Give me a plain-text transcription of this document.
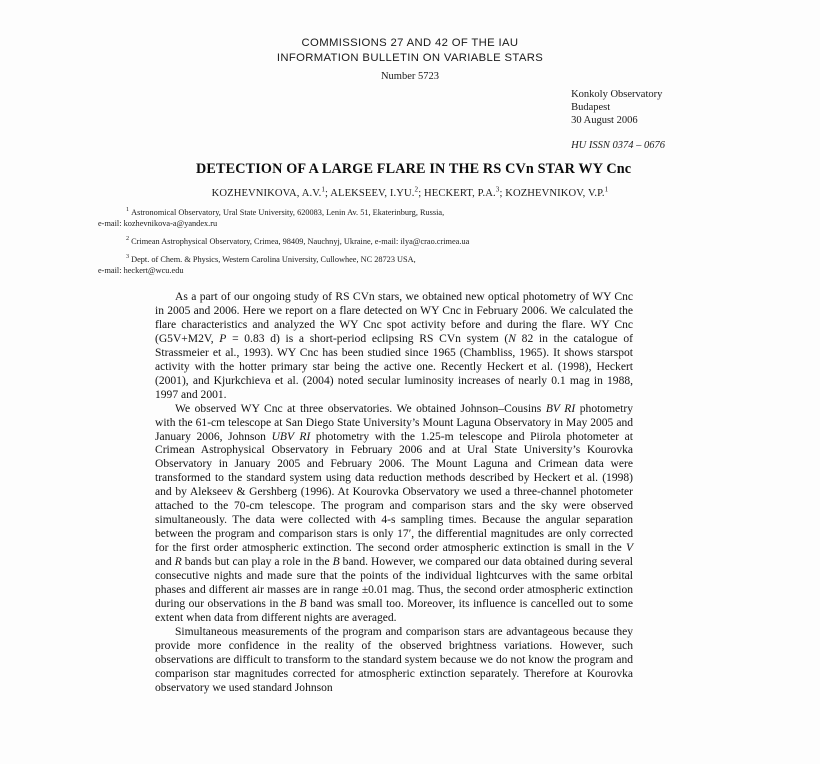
COMMISSIONS 27 AND 42 OF THE IAU
INFORMATION BULLETIN ON VARIABLE STARS
Number 5723
Konkoly Observatory
Budapest
30 August 2006
HU ISSN 0374 – 0676
DETECTION OF A LARGE FLARE IN THE RS CVn STAR WY Cnc
KOZHEVNIKOVA, A.V.$^1$; ALEKSEEV, I.YU.$^2$; HECKERT, P.A.$^3$; KOZHEVNIKOV, V.P.$^1$
$^1$ Astronomical Observatory, Ural State University, 620083, Lenin Av. 51, Ekaterinburg, Russia,
e-mail: kozhevnikova-a@yandex.ru
$^2$ Crimean Astrophysical Observatory, Crimea, 98409, Nauchnyj, Ukraine, e-mail: ilya@crao.crimea.ua
$^3$ Dept. of Chem. & Physics, Western Carolina University, Cullowhee, NC 28723 USA,
e-mail: heckert@wcu.edu

As a part of our ongoing study of RS CVn stars, we obtained new optical photometry of WY Cnc in 2005 and 2006. Here we report on a flare detected on WY Cnc in February 2006. We calculated the flare characteristics and analyzed the WY Cnc spot activity before and during the flare. WY Cnc (G5V+M2V, P = 0.83 d) is a short-period eclipsing RS CVn system (N 82 in the catalogue of Strassmeier et al., 1993). WY Cnc has been studied since 1965 (Chambliss, 1965). It shows starspot activity with the hotter primary star being the active one. Recently Heckert et al. (1998), Heckert (2001), and Kjurkchieva et al. (2004) noted secular luminosity increases of nearly 0.1 mag in 1988, 1997 and 2001.

We observed WY Cnc at three observatories. We obtained Johnson–Cousins BV RI photometry with the 61-cm telescope at San Diego State University’s Mount Laguna Observatory in May 2005 and January 2006, Johnson UBV RI photometry with the 1.25-m telescope and Piirola photometer at Crimean Astrophysical Observatory in February 2006 and at Ural State University’s Kourovka Observatory in January 2005 and February 2006. The Mount Laguna and Crimean data were transformed to the standard system using data reduction methods described by Heckert et al. (1998) and by Alekseev & Gershberg (1996). At Kourovka Observatory we used a three-channel photometer attached to the 70-cm telescope. The program and comparison stars and the sky were observed simultaneously. The data were collected with 4-s sampling times. Because the angular separation between the program and comparison stars is only 17′, the differential magnitudes are only corrected for the first order atmospheric extinction. The second order atmospheric extinction is small in the V and R bands but can play a role in the B band. However, we compared our data obtained during several consecutive nights and made sure that the points of the individual lightcurves with the same orbital phases and different air masses are in range ±0.01 mag. Thus, the second order atmospheric extinction during our observations in the B band was small too. Moreover, its influence is cancelled out to some extent when data from different nights are averaged.

Simultaneous measurements of the program and comparison stars are advantageous because they provide more confidence in the reality of the observed brightness variations. However, such observations are difficult to transform to the standard system because we do not know the program and comparison star magnitudes corrected for atmospheric extinction separately. Therefore at Kourovka observatory we used standard Johnson
